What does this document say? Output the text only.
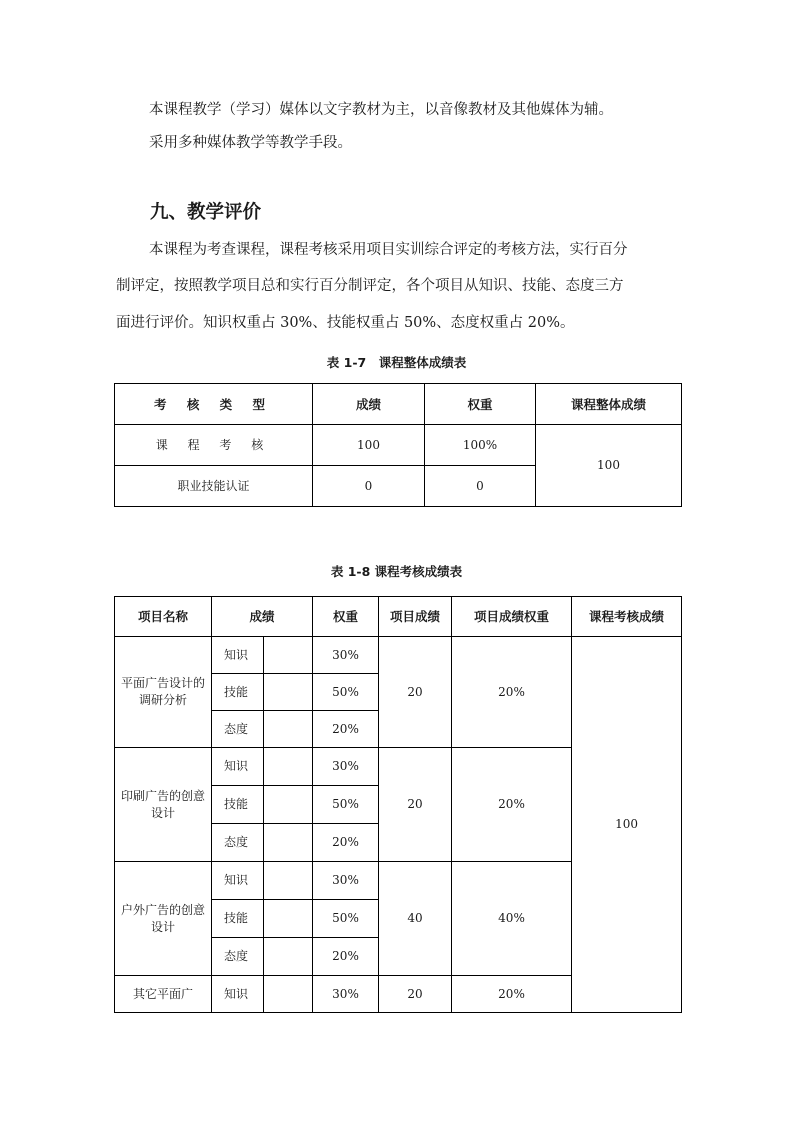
本课程教学（学习）媒体以文字教材为主，以音像教材及其他媒体为辅。

采用多种媒体教学等教学手段。

九、教学评价

本课程为考查课程，课程考核采用项目实训综合评定的考核方法，实行百分

制评定，按照教学项目总和实行百分制评定，各个项目从知识、技能、态度三方

面进行评价。知识权重占 30%、技能权重占 50%、态度权重占 20%。

表 1-7　课程整体成绩表

考 核 类 型	成绩	权重	课程整体成绩
课 程 考 核	100	100%	100
职业技能认证	0	0	

表 1-8 课程考核成绩表

项目名称	成绩		权重	项目成绩	项目成绩权重	课程考核成绩
平面广告设计的调研分析	知识		30%	20	20%	100
	技能		50%			
	态度		20%			
印刷广告的创意设计	知识		30%	20	20%	
	技能		50%			
	态度		20%			
户外广告的创意设计	知识		30%	40	40%	
	技能		50%			
	态度		20%			
其它平面广	知识		30%	20	20%	
